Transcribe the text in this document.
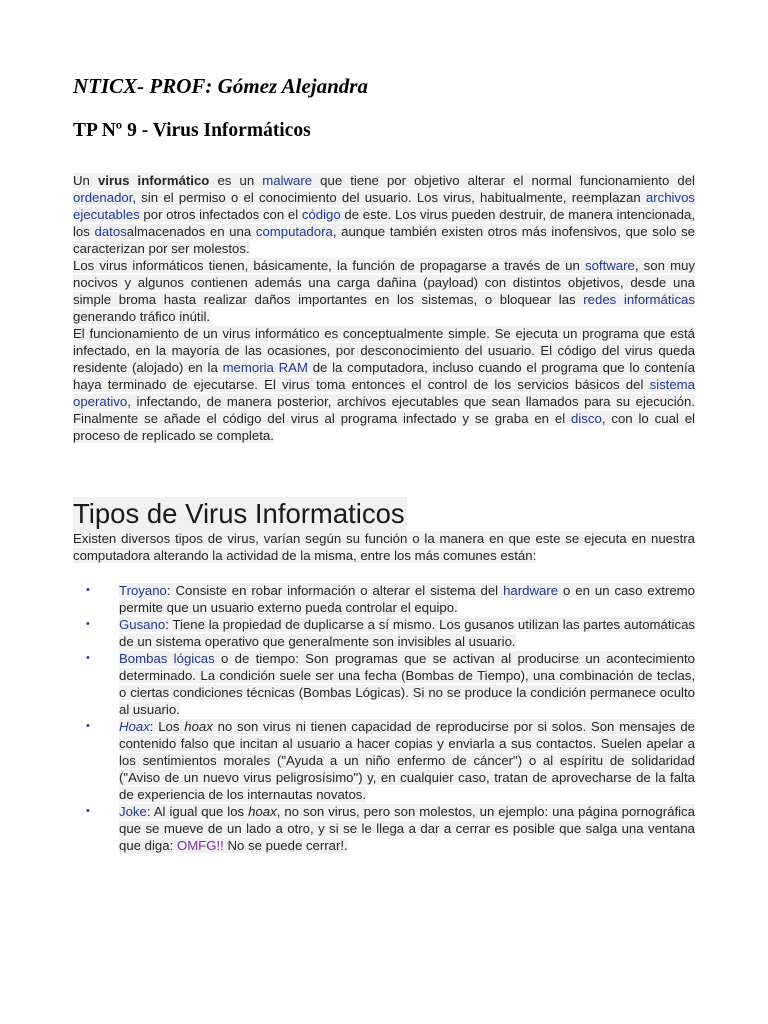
NTICX- PROF: Gómez Alejandra
TP Nº 9 - Virus Informáticos

Un virus informático es un malware que tiene por objetivo alterar el normal funcionamiento del ordenador, sin el permiso o el conocimiento del usuario. Los virus, habitualmente, reemplazan archivos ejecutables por otros infectados con el código de este. Los virus pueden destruir, de manera intencionada, los datosalmacenados en una computadora, aunque también existen otros más inofensivos, que solo se caracterizan por ser molestos.

Los virus informáticos tienen, básicamente, la función de propagarse a través de un software, son muy nocivos y algunos contienen además una carga dañina (payload) con distintos objetivos, desde una simple broma hasta realizar daños importantes en los sistemas, o bloquear las redes informáticas generando tráfico inútil.

El funcionamiento de un virus informático es conceptualmente simple. Se ejecuta un programa que está infectado, en la mayoría de las ocasiones, por desconocimiento del usuario. El código del virus queda residente (alojado) en la memoria RAM de la computadora, incluso cuando el programa que lo contenía haya terminado de ejecutarse. El virus toma entonces el control de los servicios básicos del sistema operativo, infectando, de manera posterior, archivos ejecutables que sean llamados para su ejecución. Finalmente se añade el código del virus al programa infectado y se graba en el disco, con lo cual el proceso de replicado se completa.

Tipos de Virus Informaticos
Existen diversos tipos de virus, varían según su función o la manera en que este se ejecuta en nuestra computadora alterando la actividad de la misma, entre los más comunes están:
•	Troyano: Consiste en robar información o alterar el sistema del hardware o en un caso extremo permite que un usuario externo pueda controlar el equipo.
•	Gusano: Tiene la propiedad de duplicarse a sí mismo. Los gusanos utilizan las partes automáticas de un sistema operativo que generalmente son invisibles al usuario.
•	Bombas lógicas o de tiempo: Son programas que se activan al producirse un acontecimiento determinado. La condición suele ser una fecha (Bombas de Tiempo), una combinación de teclas, o ciertas condiciones técnicas (Bombas Lógicas). Si no se produce la condición permanece oculto al usuario.
•	Hoax: Los hoax no son virus ni tienen capacidad de reproducirse por si solos. Son mensajes de contenido falso que incitan al usuario a hacer copias y enviarla a sus contactos. Suelen apelar a los sentimientos morales ("Ayuda a un niño enfermo de cáncer") o al espíritu de solidaridad ("Aviso de un nuevo virus peligrosísimo") y, en cualquier caso, tratan de aprovecharse de la falta de experiencia de los internautas novatos.
•	Joke: Al igual que los hoax, no son virus, pero son molestos, un ejemplo: una página pornográfica que se mueve de un lado a otro, y si se le llega a dar a cerrar es posible que salga una ventana que diga: OMFG!! No se puede cerrar!.
